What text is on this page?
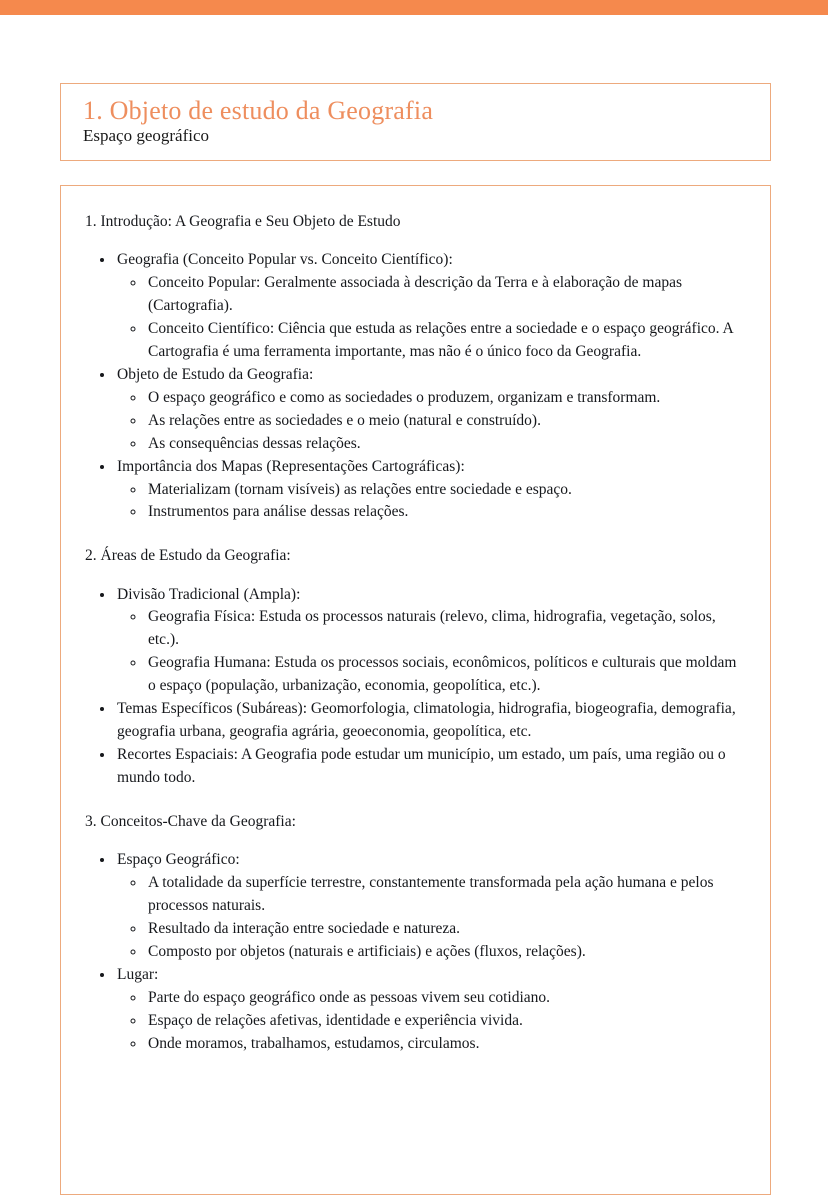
1. Objeto de estudo da Geografia
Espaço geográfico

1. Introdução: A Geografia e Seu Objeto de Estudo

• Geografia (Conceito Popular vs. Conceito Científico):
◦ Conceito Popular: Geralmente associada à descrição da Terra e à elaboração de mapas (Cartografia).
◦ Conceito Científico: Ciência que estuda as relações entre a sociedade e o espaço geográfico. A Cartografia é uma ferramenta importante, mas não é o único foco da Geografia.
• Objeto de Estudo da Geografia:
◦ O espaço geográfico e como as sociedades o produzem, organizam e transformam.
◦ As relações entre as sociedades e o meio (natural e construído).
◦ As consequências dessas relações.
• Importância dos Mapas (Representações Cartográficas):
◦ Materializam (tornam visíveis) as relações entre sociedade e espaço.
◦ Instrumentos para análise dessas relações.

2. Áreas de Estudo da Geografia:

• Divisão Tradicional (Ampla):
◦ Geografia Física: Estuda os processos naturais (relevo, clima, hidrografia, vegetação, solos, etc.).
◦ Geografia Humana: Estuda os processos sociais, econômicos, políticos e culturais que moldam o espaço (população, urbanização, economia, geopolítica, etc.).
• Temas Específicos (Subáreas): Geomorfologia, climatologia, hidrografia, biogeografia, demografia, geografia urbana, geografia agrária, geoeconomia, geopolítica, etc.
• Recortes Espaciais: A Geografia pode estudar um município, um estado, um país, uma região ou o mundo todo.

3. Conceitos-Chave da Geografia:

• Espaço Geográfico:
◦ A totalidade da superfície terrestre, constantemente transformada pela ação humana e pelos processos naturais.
◦ Resultado da interação entre sociedade e natureza.
◦ Composto por objetos (naturais e artificiais) e ações (fluxos, relações).
• Lugar:
◦ Parte do espaço geográfico onde as pessoas vivem seu cotidiano.
◦ Espaço de relações afetivas, identidade e experiência vivida.
◦ Onde moramos, trabalhamos, estudamos, circulamos.
